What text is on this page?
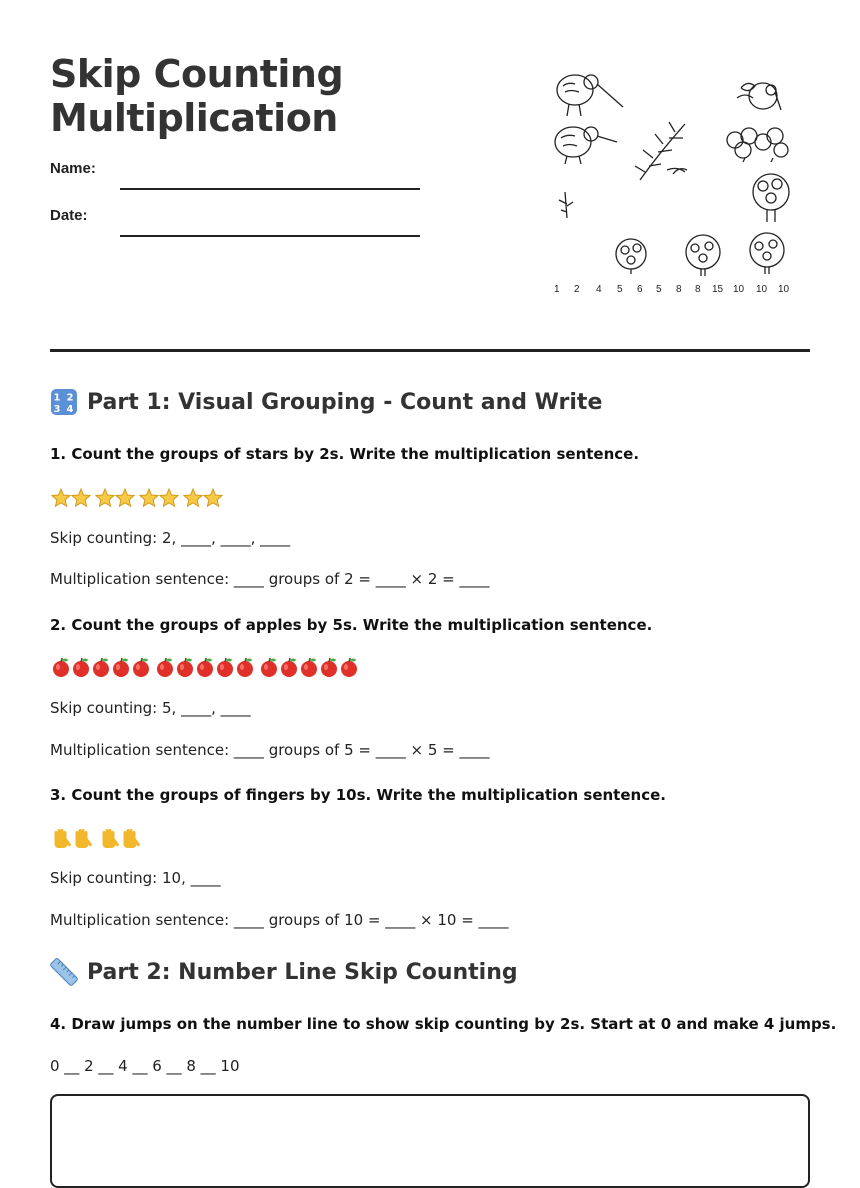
Skip Counting
Multiplication
Name:
Date:
1 2 4 5 6 5 8 8 15 10 10 10
1 2
3 4 Part 1: Visual Grouping - Count and Write
1. Count the groups of stars by 2s. Write the multiplication sentence.
Skip counting: 2, ____, ____, ____
Multiplication sentence: ____ groups of 2 = ____ × 2 = ____
2. Count the groups of apples by 5s. Write the multiplication sentence.
Skip counting: 5, ____, ____
Multiplication sentence: ____ groups of 5 = ____ × 5 = ____
3. Count the groups of fingers by 10s. Write the multiplication sentence.
Skip counting: 10, ____
Multiplication sentence: ____ groups of 10 = ____ × 10 = ____
Part 2: Number Line Skip Counting
4. Draw jumps on the number line to show skip counting by 2s. Start at 0 and make 4 jumps.
0 __ 2 __ 4 __ 6 __ 8 __ 10
